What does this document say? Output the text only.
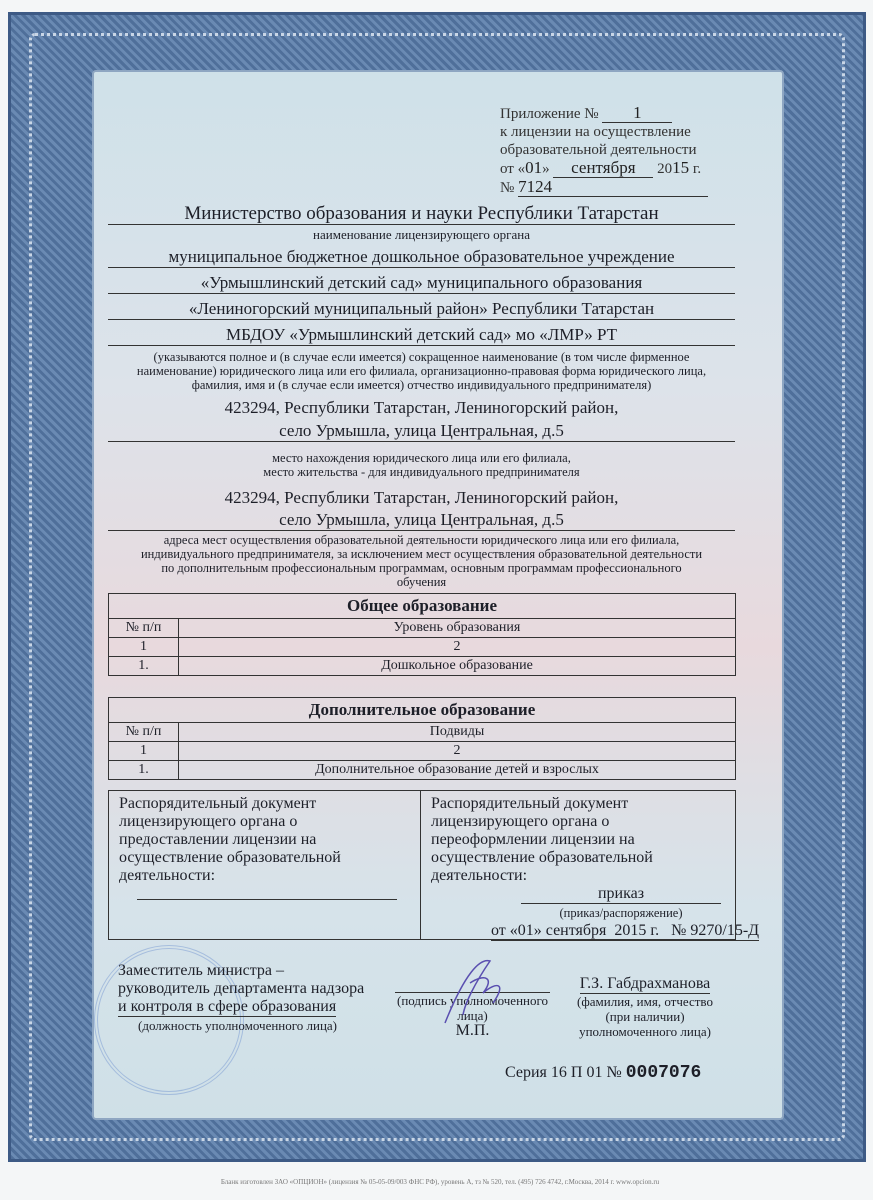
Приложение № 1
к лицензии на осуществление
образовательной деятельности
от «01» сентября 2015 г.
№ 7124
Министерство образования и науки Республики Татарстан
наименование лицензирующего органа
муниципальное бюджетное дошкольное образовательное учреждение
«Урмышлинский детский сад» муниципального образования
«Лениногорский муниципальный район» Республики Татарстан
МБДОУ «Урмышлинский детский сад» мо «ЛМР» РТ
(указываются полное и (в случае если имеется) сокращенное наименование (в том числе фирменное наименование) юридического лица или его филиала, организационно-правовая форма юридического лица, фамилия, имя и (в случае если имеется) отчество индивидуального предпринимателя)
423294, Республики Татарстан, Лениногорский район,
село Урмышла, улица Центральная, д.5
место нахождения юридического лица или его филиала, место жительства - для индивидуального предпринимателя
423294, Республики Татарстан, Лениногорский район,
село Урмышла, улица Центральная, д.5
адреса мест осуществления образовательной деятельности юридического лица или его филиала, индивидуального предпринимателя, за исключением мест осуществления образовательной деятельности по дополнительным профессиональным программам, основным программам профессионального обучения
Общее образование	
№ п/п	Уровень образования
1	2
1.	Дошкольное образование
Дополнительное образование	
№ п/п	Подвиды
1	2
1.	Дополнительное образование детей и взрослых
Распорядительный документ лицензирующего органа о предоставлении лицензии на осуществление образовательной деятельности:
Распорядительный документ лицензирующего органа о переоформлении лицензии на осуществление образовательной деятельности:
приказ
(приказ/распоряжение)
от «01» сентября  2015 г.   № 9270/15-Д
Заместитель министра –
руководитель департамента надзора
и контроля в сфере образования
(должность уполномоченного лица)
(подпись уполномоченного лица)
М.П.
Г.З. Габдрахманова
(фамилия, имя, отчество (при наличии) уполномоченного лица)
Серия 16 П 01 № 0007076
Бланк изготовлен ЗАО «ОПЦИОН» (лицензия № 05-05-09/003 ФНС РФ), уровень А, тз № 520, тел. (495) 726 4742, г.Москва, 2014 г. www.opcion.ru
